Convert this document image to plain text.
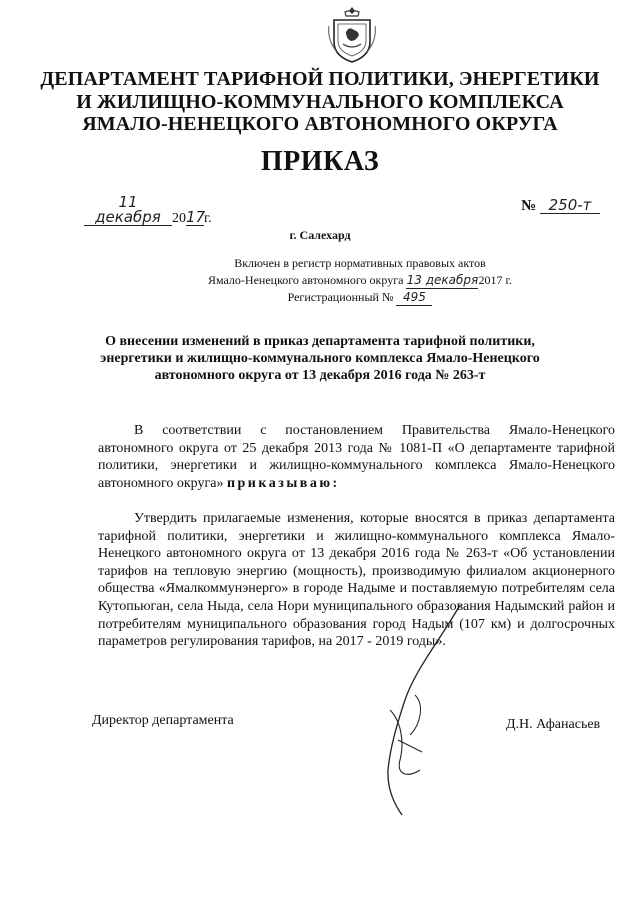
ДЕПАРТАМЕНТ ТАРИФНОЙ ПОЛИТИКИ, ЭНЕРГЕТИКИ
И ЖИЛИЩНО-КОММУНАЛЬНОГО КОМПЛЕКСА
ЯМАЛО-НЕНЕЦКОГО АВТОНОМНОГО ОКРУГА
ПРИКАЗ
11 декабря 2017г.
№ 250-т
г. Салехард
Включен в регистр нормативных правовых актов
Ямало-Ненецкого автономного округа 13 декабря2017 г.
Регистрационный № 495
О внесении изменений в приказ департамента тарифной политики,
энергетики и жилищно-коммунального комплекса Ямало-Ненецкого
автономного округа от 13 декабря 2016 года № 263-т
В соответствии с постановлением Правительства Ямало-Ненецкого автономного округа от 25 декабря 2013 года № 1081-П «О департаменте тарифной политики, энергетики и жилищно-коммунального комплекса Ямало-Ненецкого автономного округа» приказываю:
Утвердить прилагаемые изменения, которые вносятся в приказ департамента тарифной политики, энергетики и жилищно-коммунального комплекса Ямало-Ненецкого автономного округа от 13 декабря 2016 года № 263-т «Об установлении тарифов на тепловую энергию (мощность), производимую филиалом акционерного общества «Ямалкоммунэнерго» в городе Надыме и поставляемую потребителям села Кутопьюган, села Ныда, села Нори муниципального образования Надымский район и потребителям муниципального образования город Надым (107 км) и долгосрочных параметров регулирования тарифов, на 2017 - 2019 годы».
Директор департамента	Д.Н. Афанасьев
